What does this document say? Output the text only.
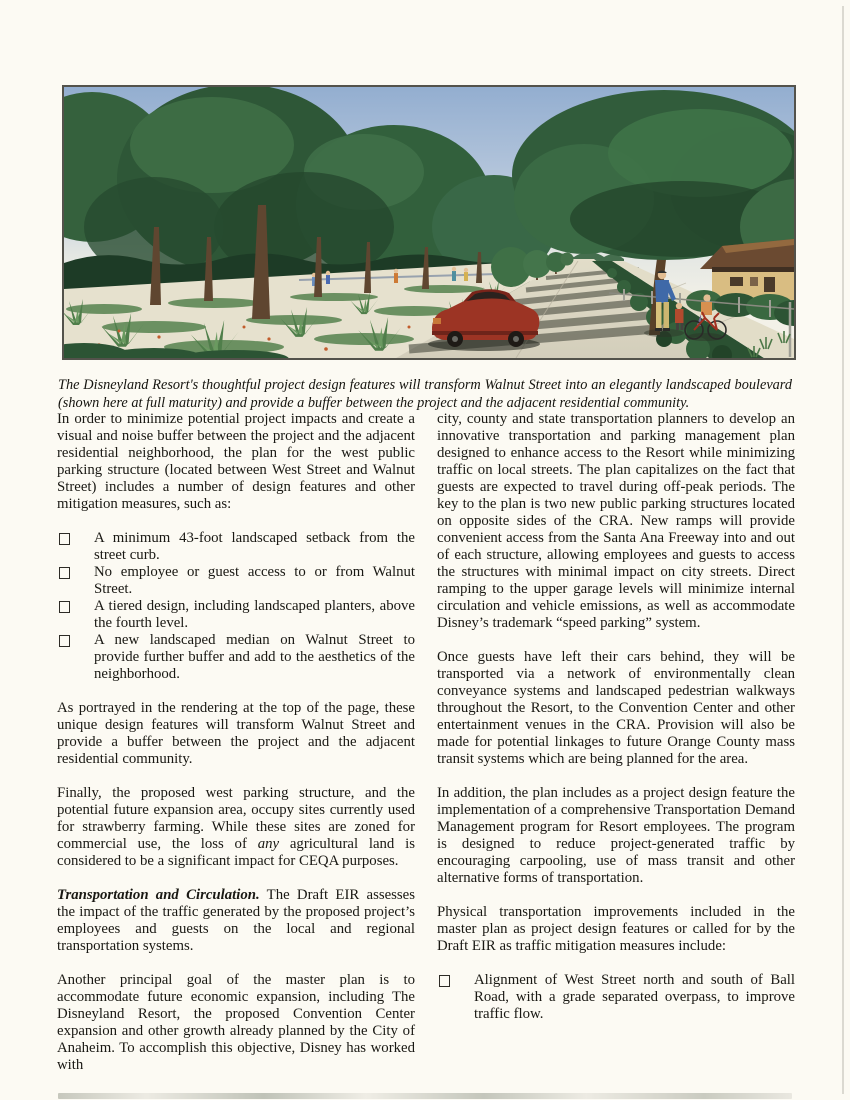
The Disneyland Resort's thoughtful project design features will transform Walnut Street into an elegantly landscaped boulevard (shown here at full maturity) and provide a buffer between the project and the adjacent residential community.

In order to minimize potential project impacts and create a visual and noise buffer between the project and the adjacent residential neighborhood, the plan for the west public parking structure (located between West Street and Walnut Street) includes a number of design features and other mitigation measures, such as:

A minimum 43-foot landscaped setback from the street curb.
No employee or guest access to or from Walnut Street.
A tiered design, including landscaped planters, above the fourth level.
A new landscaped median on Walnut Street to provide further buffer and add to the aesthetics of the neighborhood.

As portrayed in the rendering at the top of the page, these unique design features will transform Walnut Street and provide a buffer between the project and the adjacent residential community.

Finally, the proposed west parking structure, and the potential future expansion area, occupy sites currently used for strawberry farming. While these sites are zoned for commercial use, the loss of any agricultural land is considered to be a significant impact for CEQA purposes.

Transportation and Circulation. The Draft EIR assesses the impact of the traffic generated by the proposed project’s employees and guests on the local and regional transportation systems.

Another principal goal of the master plan is to accommodate future economic expansion, including The Disneyland Resort, the proposed Convention Center expansion and other growth already planned by the City of Anaheim. To accomplish this objective, Disney has worked with

city, county and state transportation planners to develop an innovative transportation and parking management plan designed to enhance access to the Resort while minimizing traffic on local streets. The plan capitalizes on the fact that guests are expected to travel during off-peak periods. The key to the plan is two new public parking structures located on opposite sides of the CRA. New ramps will provide convenient access from the Santa Ana Freeway into and out of each structure, allowing employees and guests to access the structures with minimal impact on city streets. Direct ramping to the upper garage levels will minimize internal circulation and vehicle emissions, as well as accommodate Disney’s trademark “speed parking” system.

Once guests have left their cars behind, they will be transported via a network of environmentally clean conveyance systems and landscaped pedestrian walkways throughout the Resort, to the Convention Center and other entertainment venues in the CRA. Provision will also be made for potential linkages to future Orange County mass transit systems which are being planned for the area.

In addition, the plan includes as a project design feature the implementation of a comprehensive Transportation Demand Management program for Resort employees. The program is designed to reduce project-generated traffic by encouraging carpooling, use of mass transit and other alternative forms of transportation.

Physical transportation improvements included in the master plan as project design features or called for by the Draft EIR as traffic mitigation measures include:

Alignment of West Street north and south of Ball Road, with a grade separated overpass, to improve traffic flow.
